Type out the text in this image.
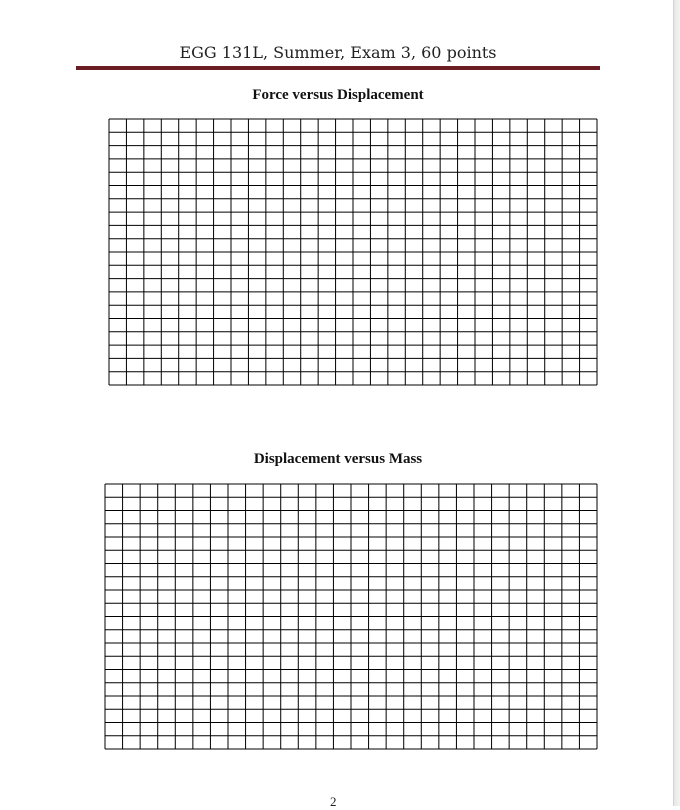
EGG 131L, Summer, Exam 3, 60 points
Force versus Displacement
Displacement versus Mass
2
